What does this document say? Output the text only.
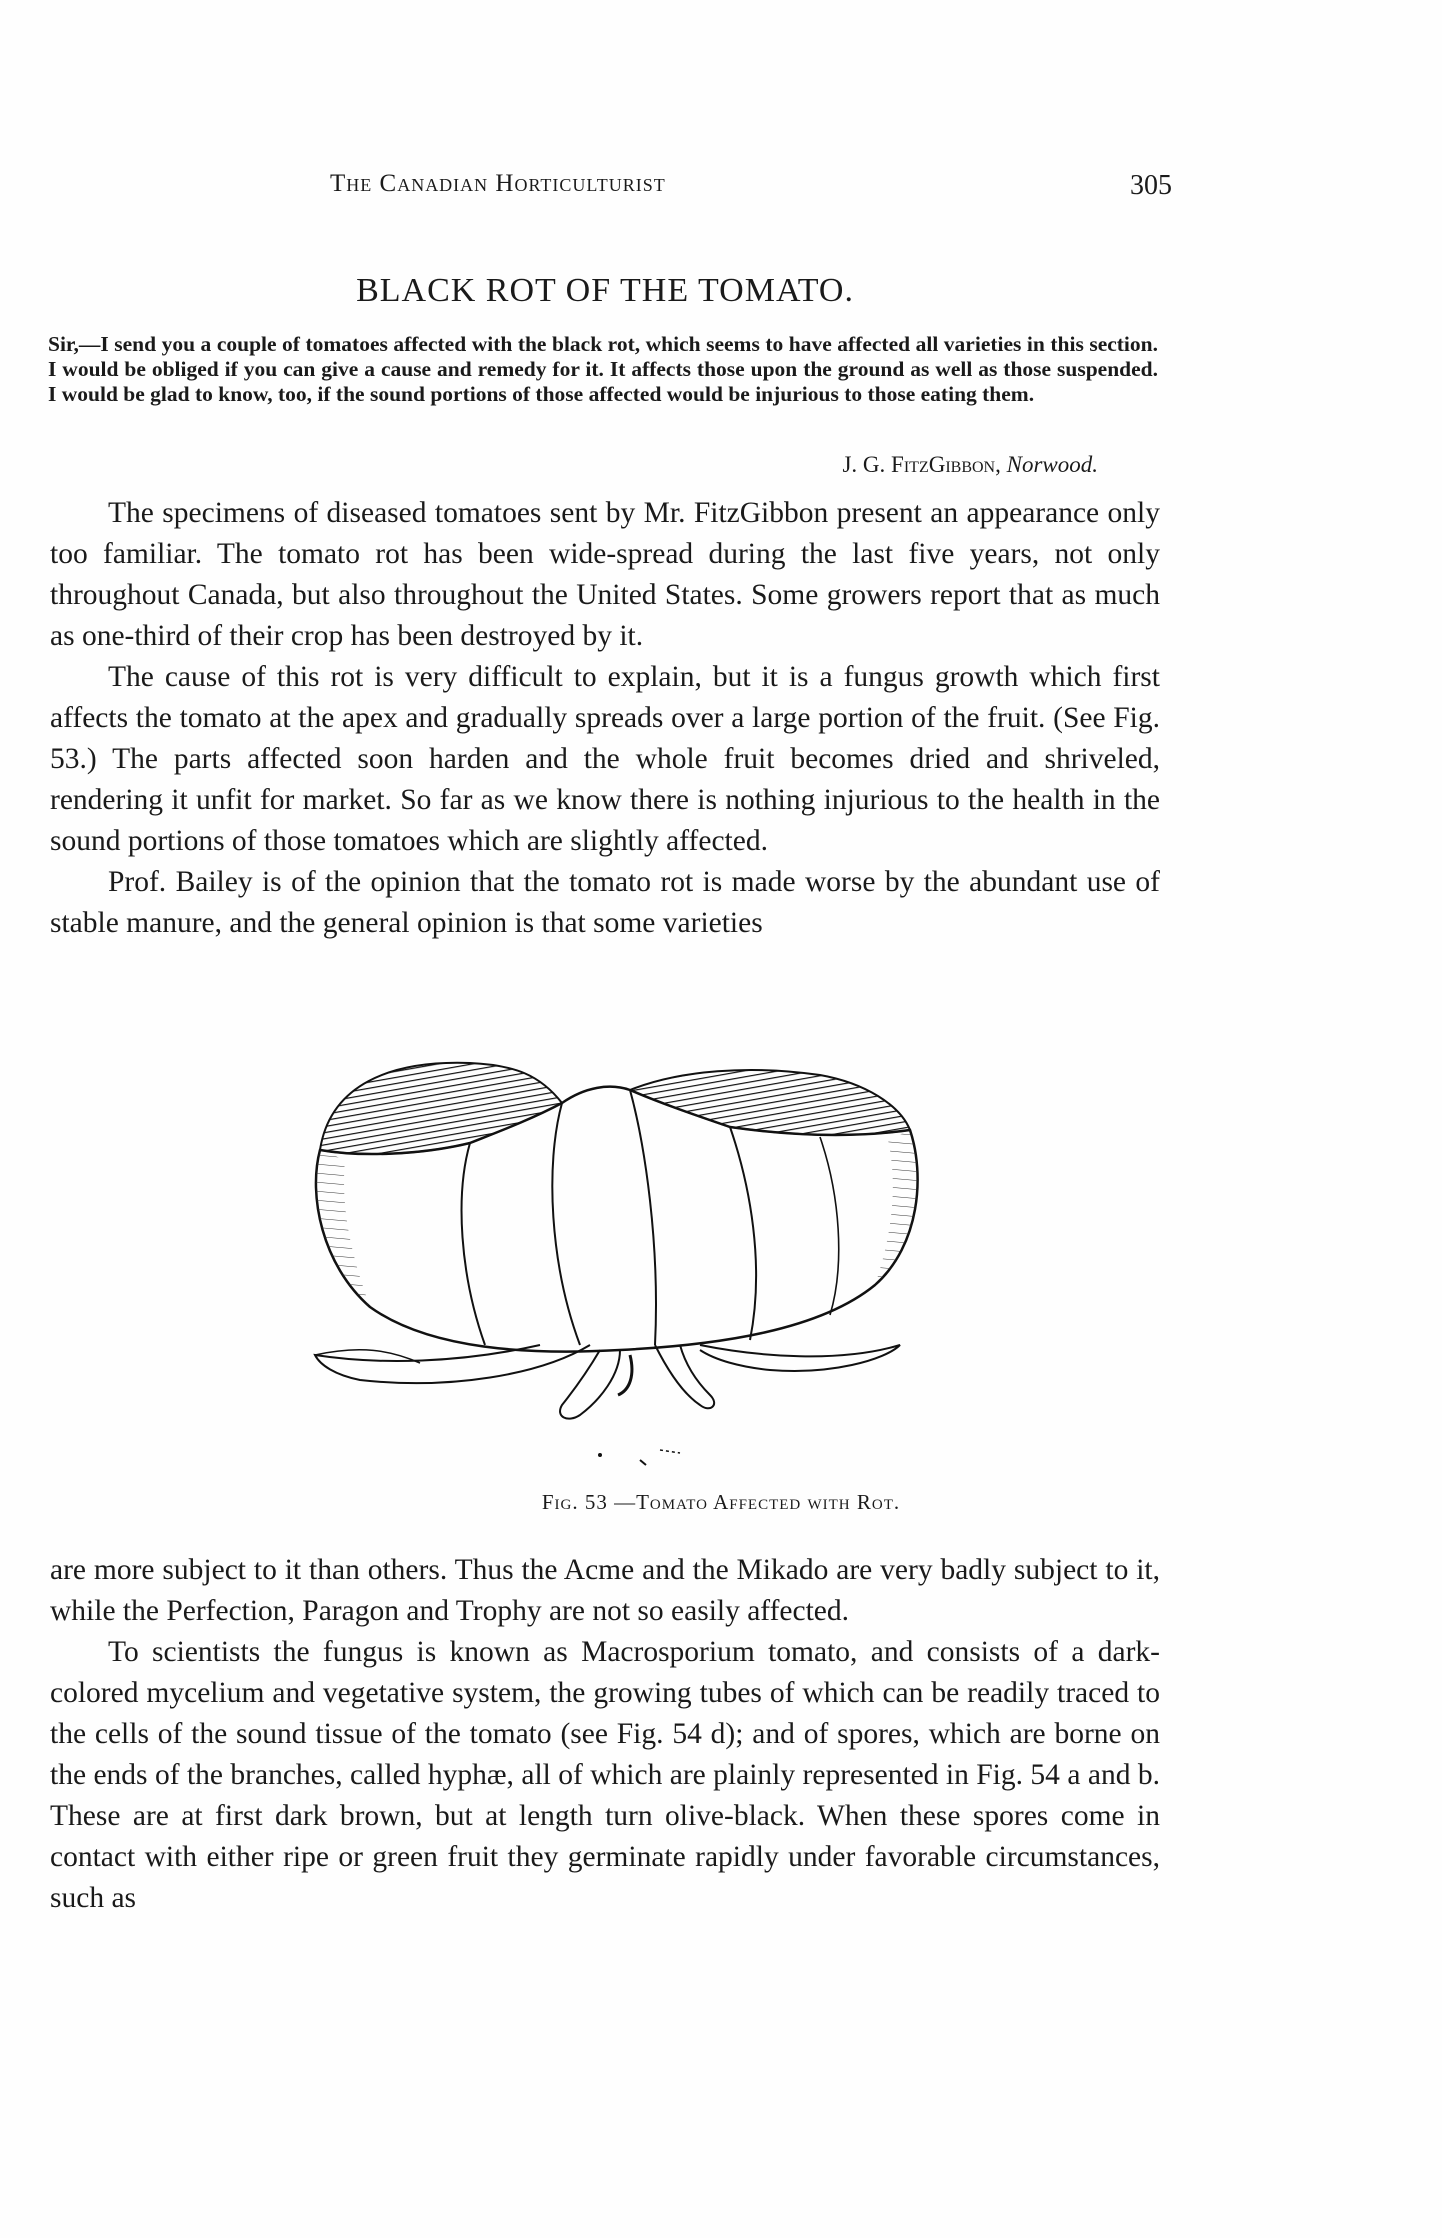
The Canadian Horticulturist	305
BLACK ROT OF THE TOMATO.

Sir,—I send you a couple of tomatoes affected with the black rot, which seems to have affected all varieties in this section. I would be obliged if you can give a cause and remedy for it. It affects those upon the ground as well as those suspended. I would be glad to know, too, if the sound portions of those affected would be injurious to those eating them.

J. G. FitzGibbon, Norwood.

The specimens of diseased tomatoes sent by Mr. FitzGibbon present an appearance only too familiar. The tomato rot has been wide-spread during the last five years, not only throughout Canada, but also throughout the United States. Some growers report that as much as one-third of their crop has been destroyed by it.

The cause of this rot is very difficult to explain, but it is a fungus growth which first affects the tomato at the apex and gradually spreads over a large portion of the fruit. (See Fig. 53.) The parts affected soon harden and the whole fruit becomes dried and shriveled, rendering it unfit for market. So far as we know there is nothing injurious to the health in the sound portions of those tomatoes which are slightly affected.

Prof. Bailey is of the opinion that the tomato rot is made worse by the abundant use of stable manure, and the general opinion is that some varieties

Fig. 53 —Tomato Affected with Rot.

are more subject to it than others. Thus the Acme and the Mikado are very badly subject to it, while the Perfection, Paragon and Trophy are not so easily affected.

To scientists the fungus is known as Macrosporium tomato, and consists of a dark-colored mycelium and vegetative system, the growing tubes of which can be readily traced to the cells of the sound tissue of the tomato (see Fig. 54 d); and of spores, which are borne on the ends of the branches, called hyphæ, all of which are plainly represented in Fig. 54 a and b. These are at first dark brown, but at length turn olive-black. When these spores come in contact with either ripe or green fruit they germinate rapidly under favorable circumstances, such as
